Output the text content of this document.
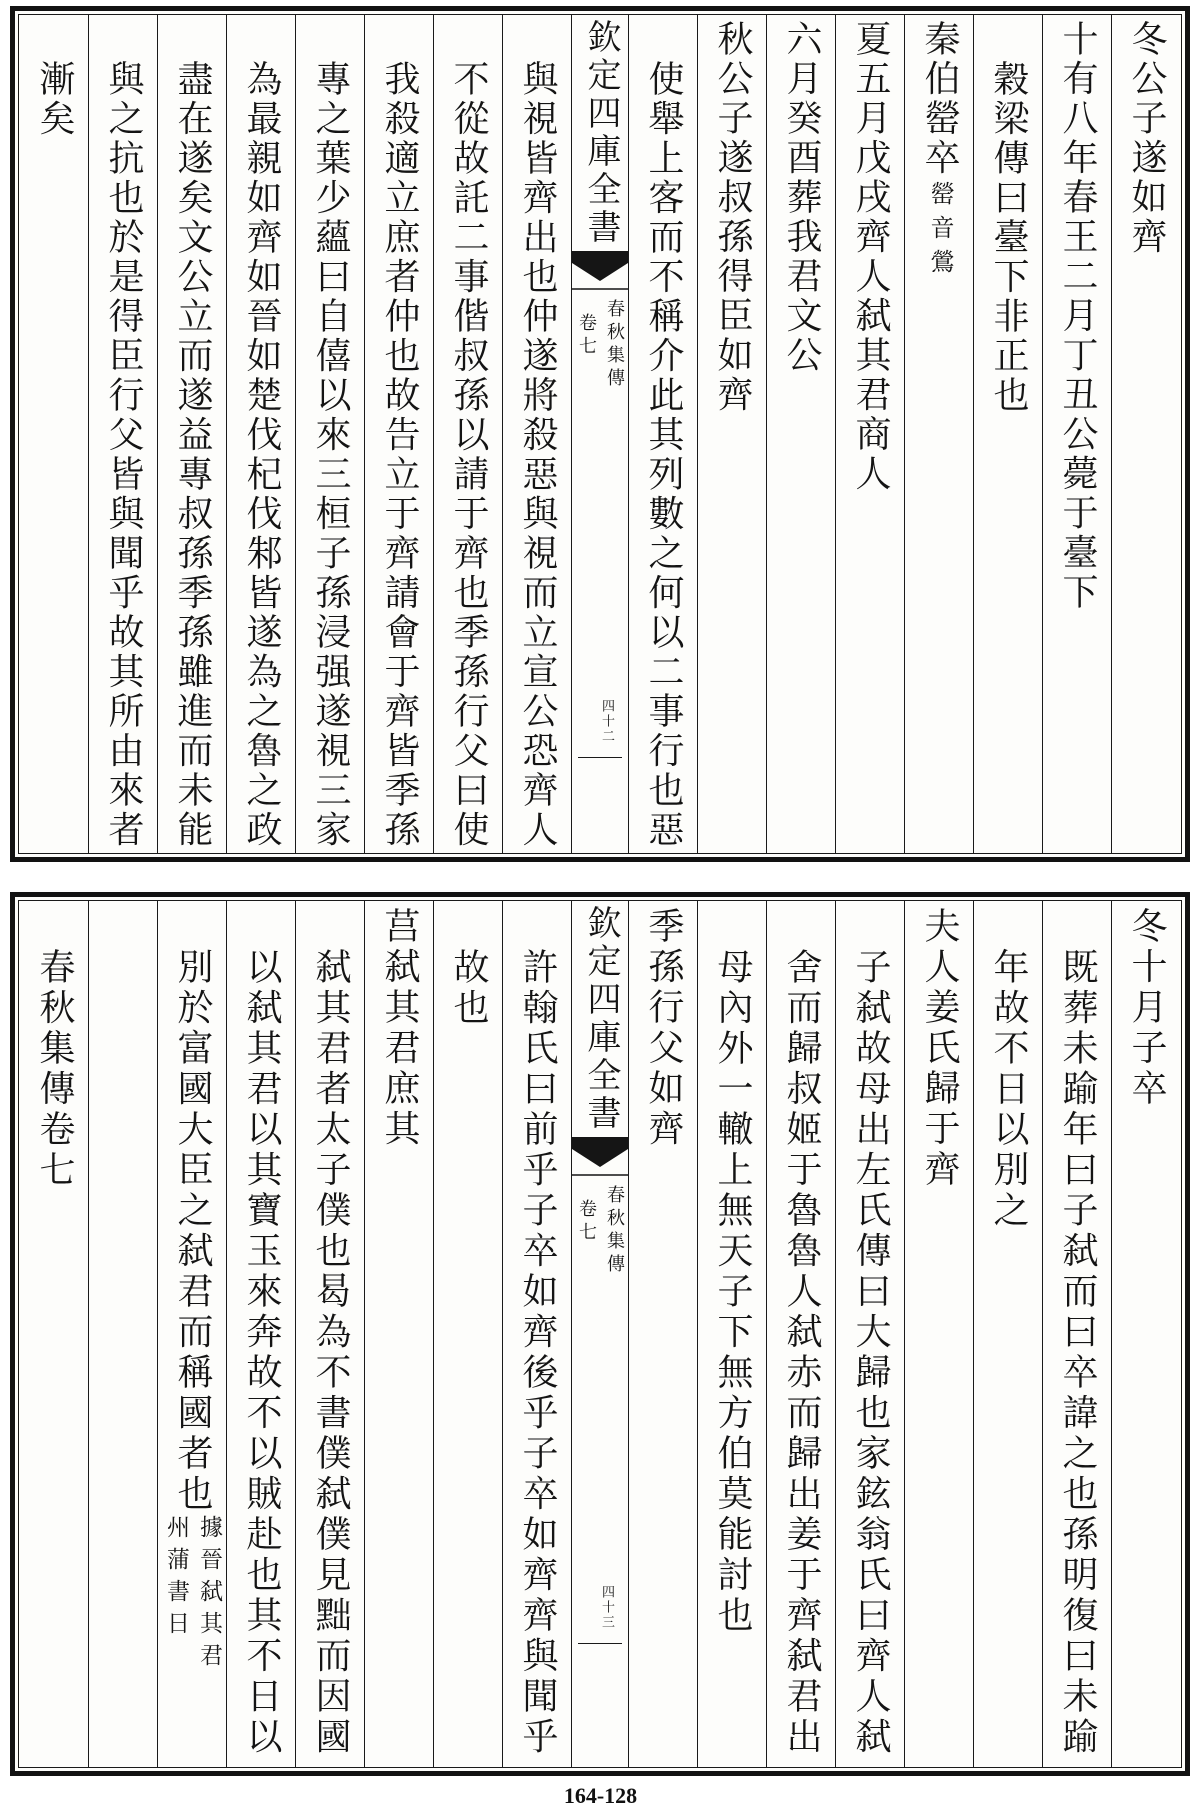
冬公子遂如齊
十有八年春王二月丁丑公薨于臺下
穀梁傳曰臺下非正也
秦伯罃卒
罃音鶯
夏五月戊戌齊人弑其君商人
六月癸酉葬我君文公
秋公子遂叔孫得臣如齊
使舉上客而不稱介此其列數之何以二事行也惡
欽定四庫全書
春秋集傳
卷七
四十二
與視皆齊出也仲遂將殺惡與視而立宣公恐齊人
不從故託二事偕叔孫以請于齊也季孫行父曰使
我殺適立庶者仲也故告立于齊請會于齊皆季孫
專之葉少蘊曰自僖以來三桓子孫浸强遂視三家
為最親如齊如晉如楚伐杞伐邾皆遂為之魯之政
盡在遂矣文公立而遂益專叔孫季孫雖進而未能
與之抗也於是得臣行父皆與聞乎故其所由來者
漸矣
冬十月子卒
既葬未踰年曰子弑而曰卒諱之也孫明復曰未踰
年故不日以別之
夫人姜氏歸于齊
子弑故母出左氏傳曰大歸也家鉉翁氏曰齊人弑
舍而歸叔姬于魯魯人弑赤而歸出姜于齊弑君出
母內外一轍上無天子下無方伯莫能討也
季孫行父如齊
欽定四庫全書
春秋集傳
卷七
四十三
許翰氏曰前乎子卒如齊後乎子卒如齊齊與聞乎
故也
莒弑其君庶其
弑其君者太子僕也曷為不書僕弑僕見黜而因國
以弑其君以其寶玉來奔故不以賊赴也其不日以
別於富國大臣之弑君而稱國者也
據晉弑其君
州蒲書日
春秋集傳卷七
164-128
